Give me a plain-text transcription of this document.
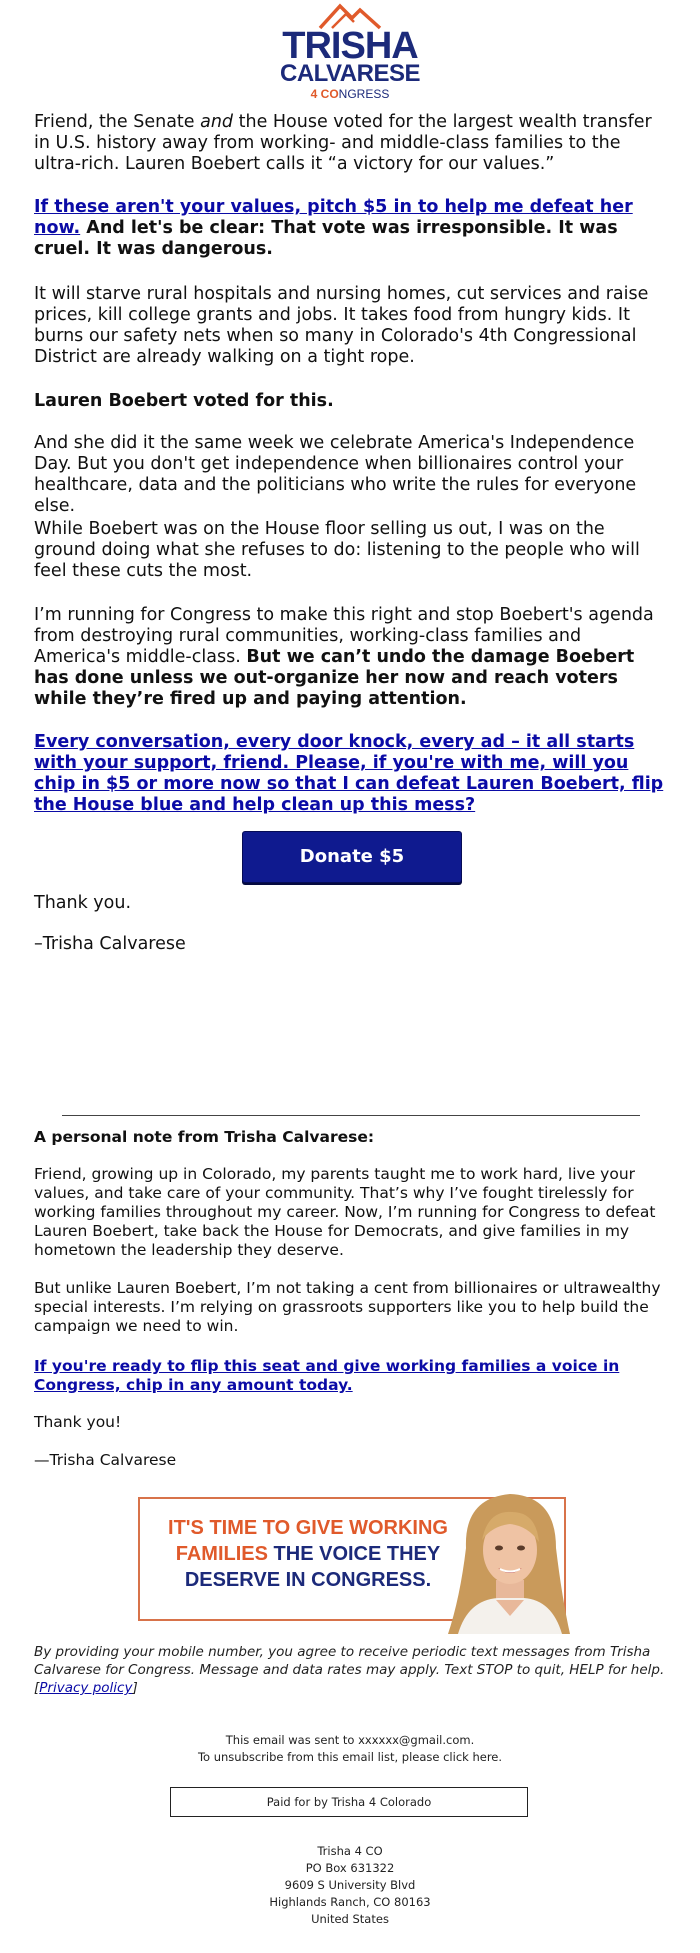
TRISHA
CALVARESE
4 CONGRESS

Friend, the Senate and the House voted for the largest wealth transfer in U.S. history away from working- and middle-class families to the ultra-rich. Lauren Boebert calls it “a victory for our values.”

If these aren't your values, pitch $5 in to help me defeat her now. And let's be clear: That vote was irresponsible. It was cruel. It was dangerous.

It will starve rural hospitals and nursing homes, cut services and raise prices, kill college grants and jobs. It takes food from hungry kids. It burns our safety nets when so many in Colorado's 4th Congressional District are already walking on a tight rope.

Lauren Boebert voted for this.

And she did it the same week we celebrate America's Independence Day. But you don't get independence when billionaires control your healthcare, data and the politicians who write the rules for everyone else.

While Boebert was on the House floor selling us out, I was on the ground doing what she refuses to do: listening to the people who will feel these cuts the most.

I’m running for Congress to make this right and stop Boebert's agenda from destroying rural communities, working-class families and America's middle-class. But we can’t undo the damage Boebert has done unless we out-organize her now and reach voters while they’re fired up and paying attention.

Every conversation, every door knock, every ad – it all starts with your support, friend. Please, if you're with me, will you chip in $5 or more now so that I can defeat Lauren Boebert, flip the House blue and help clean up this mess?

Donate $5

Thank you.

–Trisha Calvarese

A personal note from Trisha Calvarese:

Friend, growing up in Colorado, my parents taught me to work hard, live your values, and take care of your community. That’s why I’ve fought tirelessly for working families throughout my career. Now, I’m running for Congress to defeat Lauren Boebert, take back the House for Democrats, and give families in my hometown the leadership they deserve.

But unlike Lauren Boebert, I’m not taking a cent from billionaires or ultrawealthy special interests. I’m relying on grassroots supporters like you to help build the campaign we need to win.

If you're ready to flip this seat and give working families a voice in Congress, chip in any amount today.

Thank you!

—Trisha Calvarese

IT'S TIME TO GIVE WORKING
FAMILIES THE VOICE THEY
DESERVE IN CONGRESS.

By providing your mobile number, you agree to receive periodic text messages from Trisha Calvarese for Congress. Message and data rates may apply. Text STOP to quit, HELP for help. [Privacy policy]

This email was sent to xxxxxx@gmail.com.
To unsubscribe from this email list, please click here.
Paid for by Trisha 4 Colorado
Trisha 4 CO
PO Box 631322
9609 S University Blvd
Highlands Ranch, CO 80163
United States
